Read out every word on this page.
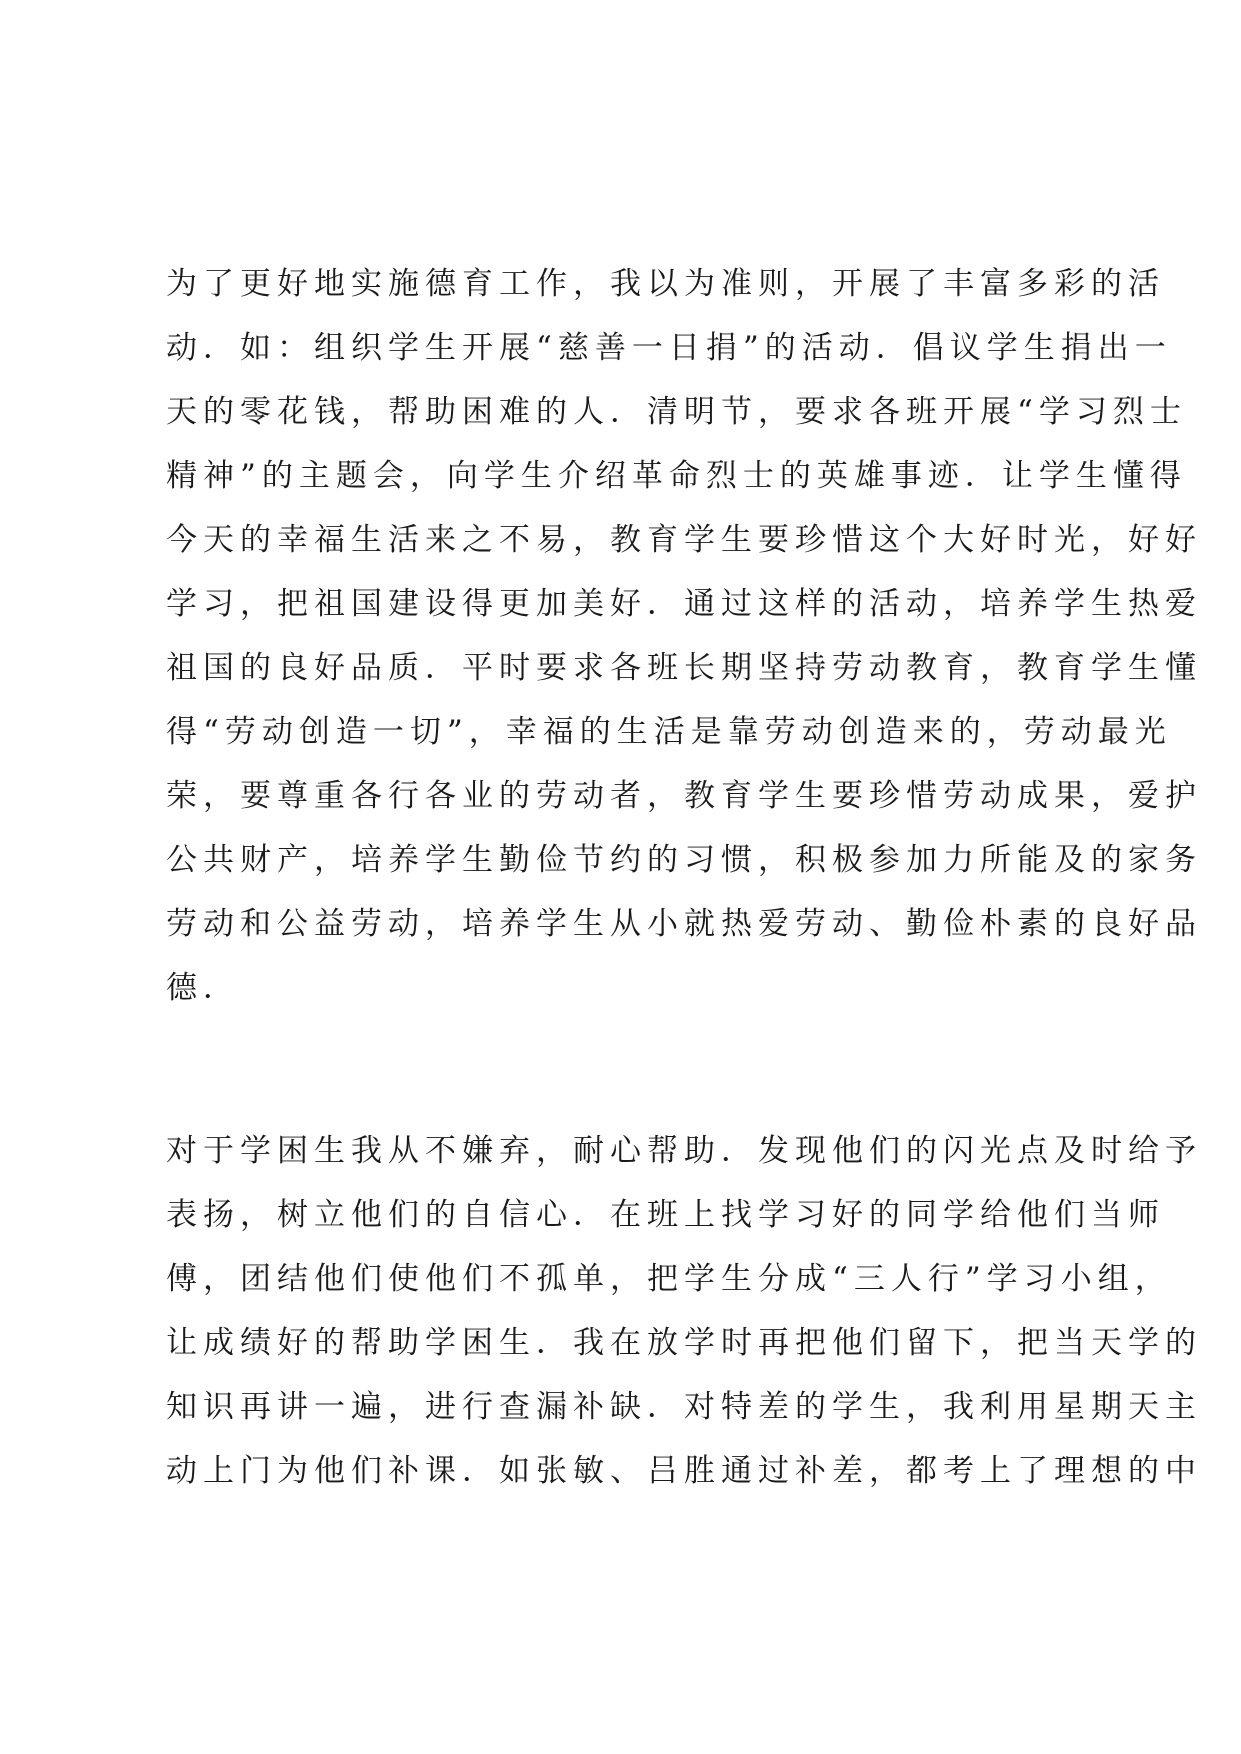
为了更好地实施德育工作，我以为准则，开展了丰富多彩的活
动．如：组织学生开展“慈善一日捐”的活动．倡议学生捐出一
天的零花钱，帮助困难的人．清明节，要求各班开展“学习烈士
精神”的主题会，向学生介绍革命烈士的英雄事迹．让学生懂得
今天的幸福生活来之不易，教育学生要珍惜这个大好时光，好好
学习，把祖国建设得更加美好．通过这样的活动，培养学生热爱
祖国的良好品质．平时要求各班长期坚持劳动教育，教育学生懂
得“劳动创造一切”，幸福的生活是靠劳动创造来的，劳动最光
荣，要尊重各行各业的劳动者，教育学生要珍惜劳动成果，爱护
公共财产，培养学生勤俭节约的习惯，积极参加力所能及的家务
劳动和公益劳动，培养学生从小就热爱劳动、勤俭朴素的良好品
德．
对于学困生我从不嫌弃，耐心帮助．发现他们的闪光点及时给予
表扬，树立他们的自信心．在班上找学习好的同学给他们当师
傅，团结他们使他们不孤单，把学生分成“三人行”学习小组，
让成绩好的帮助学困生．我在放学时再把他们留下，把当天学的
知识再讲一遍，进行查漏补缺．对特差的学生，我利用星期天主
动上门为他们补课．如张敏、吕胜通过补差，都考上了理想的中
